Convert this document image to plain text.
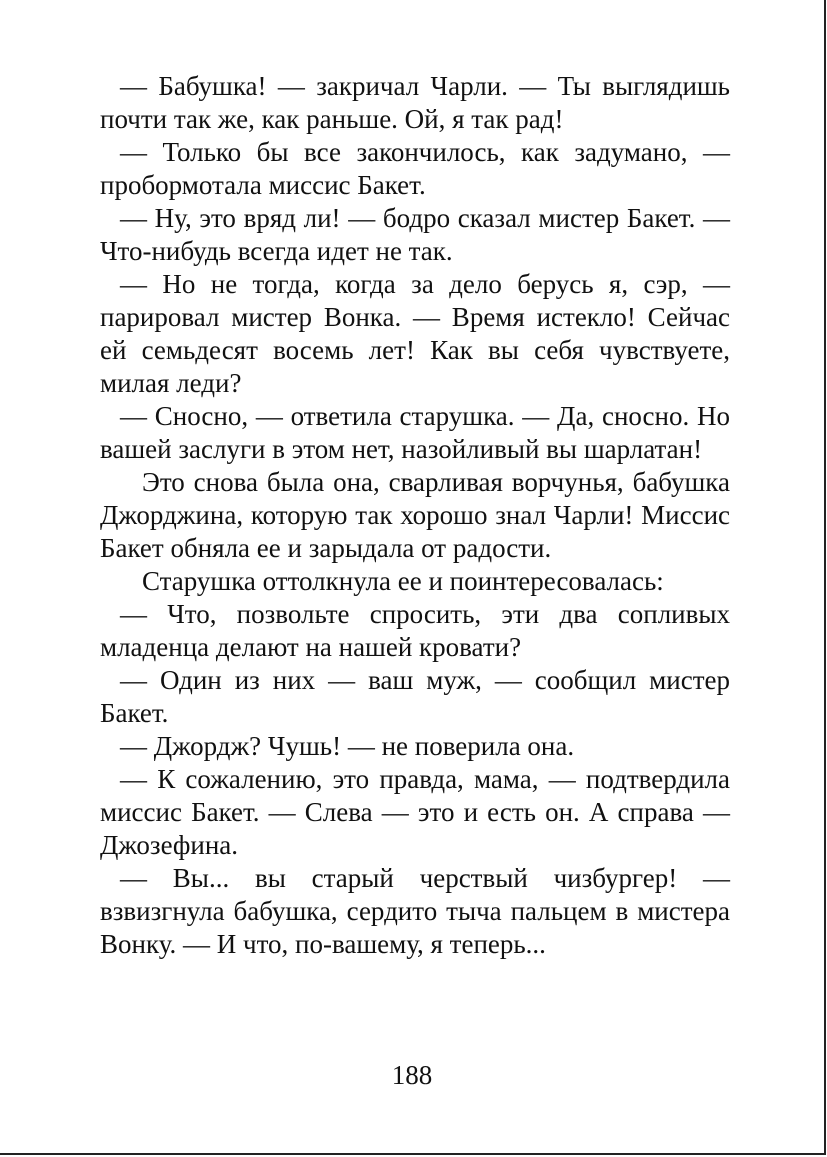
— Бабушка! — закричал Чарли. — Ты выглядишь почти так же, как раньше. Ой, я так рад!

— Только бы все закончилось, как задумано, — пробормотала миссис Бакет.

— Ну, это вряд ли! — бодро сказал мистер Бакет. — Что-нибудь всегда идет не так.

— Но не тогда, когда за дело берусь я, сэр, — парировал мистер Вонка. — Время истекло! Сейчас ей семьдесят восемь лет! Как вы себя чувствуете, милая леди?

— Сносно, — ответила старушка. — Да, сносно. Но вашей заслуги в этом нет, назойливый вы шарлатан!

Это снова была она, сварливая ворчунья, бабушка Джорджина, которую так хорошо знал Чарли! Миссис Бакет обняла ее и зарыдала от радости.

Старушка оттолкнула ее и поинтересовалась:

— Что, позвольте спросить, эти два сопливых младенца делают на нашей кровати?

— Один из них — ваш муж, — сообщил мистер Бакет.

— Джордж? Чушь! — не поверила она.

— К сожалению, это правда, мама, — подтвердила миссис Бакет. — Слева — это и есть он. А справа — Джозефина.

— Вы... вы старый черствый чизбургер! — взвизгнула бабушка, сердито тыча пальцем в мистера Вонку. — И что, по-вашему, я теперь...

188
